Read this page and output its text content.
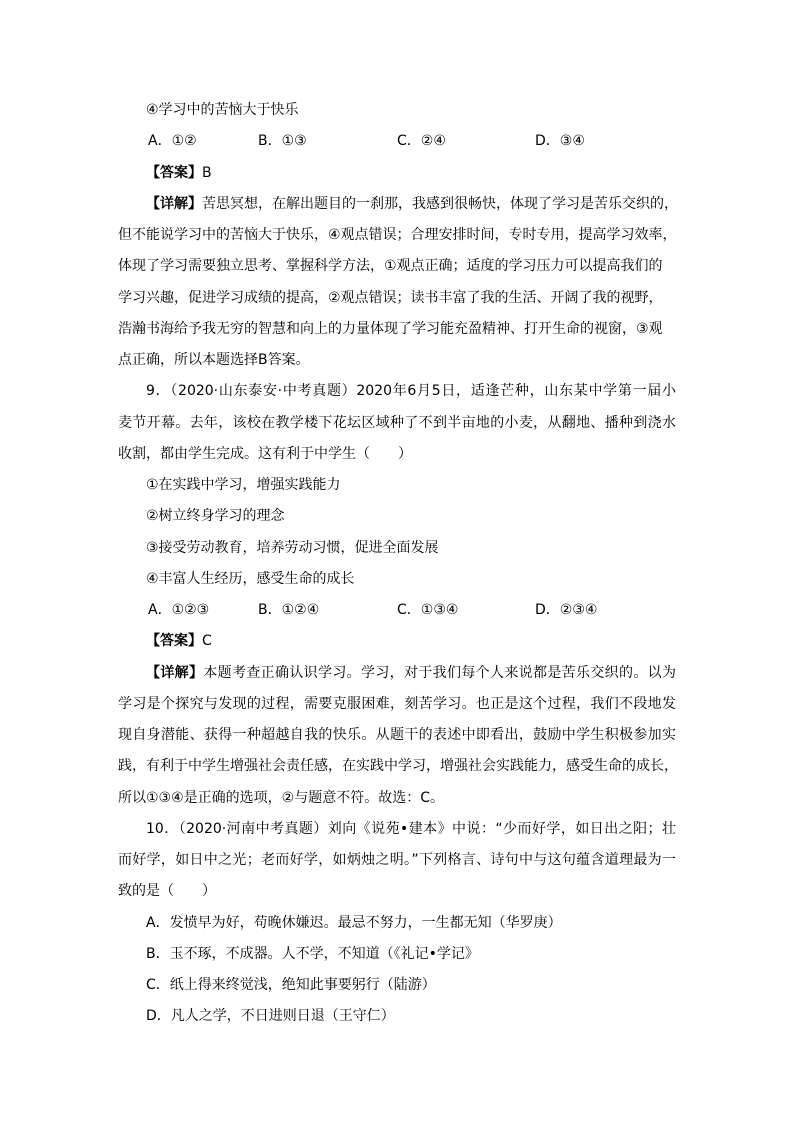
④学习中的苦恼大于快乐
A．①②	B．①③	C．②④	D．③④
【答案】B
【详解】苦思冥想，在解出题目的一刹那，我感到很畅快，体现了学习是苦乐交织的，
但不能说学习中的苦恼大于快乐，④观点错误；合理安排时间，专时专用，提高学习效率，
体现了学习需要独立思考、掌握科学方法，①观点正确；适度的学习压力可以提高我们的
学习兴趣，促进学习成绩的提高，②观点错误；读书丰富了我的生活、开阔了我的视野，
浩瀚书海给予我无穷的智慧和向上的力量体现了学习能充盈精神、打开生命的视窗，③观
点正确，所以本题选择B答案。
9．（2020·山东泰安·中考真题）2020年6月5日，适逢芒种，山东某中学第一届小
麦节开幕。去年，该校在教学楼下花坛区域种了不到半亩地的小麦，从翻地、播种到浇水
收割，都由学生完成。这有利于中学生（　　）
①在实践中学习，增强实践能力
②树立终身学习的理念
③接受劳动教育，培养劳动习惯，促进全面发展
④丰富人生经历，感受生命的成长
A．①②③	B．①②④	C．①③④	D．②③④
【答案】C
【详解】本题考查正确认识学习。学习，对于我们每个人来说都是苦乐交织的。以为
学习是个探究与发现的过程，需要克服困难，刻苦学习。也正是这个过程，我们不段地发
现自身潜能、获得一种超越自我的快乐。从题干的表述中即看出，鼓励中学生积极参加实
践，有利于中学生增强社会责任感，在实践中学习，增强社会实践能力，感受生命的成长，
所以①③④是正确的选项，②与题意不符。故选：C。
10．（2020·河南中考真题）刘向《说苑•建本》中说：“少而好学，如日出之阳；壮
而好学，如日中之光；老而好学，如炳烛之明。”下列格言、诗句中与这句蕴含道理最为一
致的是（　　）
A．发愤早为好，苟晚休嫌迟。最忌不努力，一生都无知（华罗庚）
B．玉不琢，不成器。人不学，不知道（《礼记•学记》
C．纸上得来终觉浅，绝知此事要躬行（陆游）
D．凡人之学，不日进则日退（王守仁）
